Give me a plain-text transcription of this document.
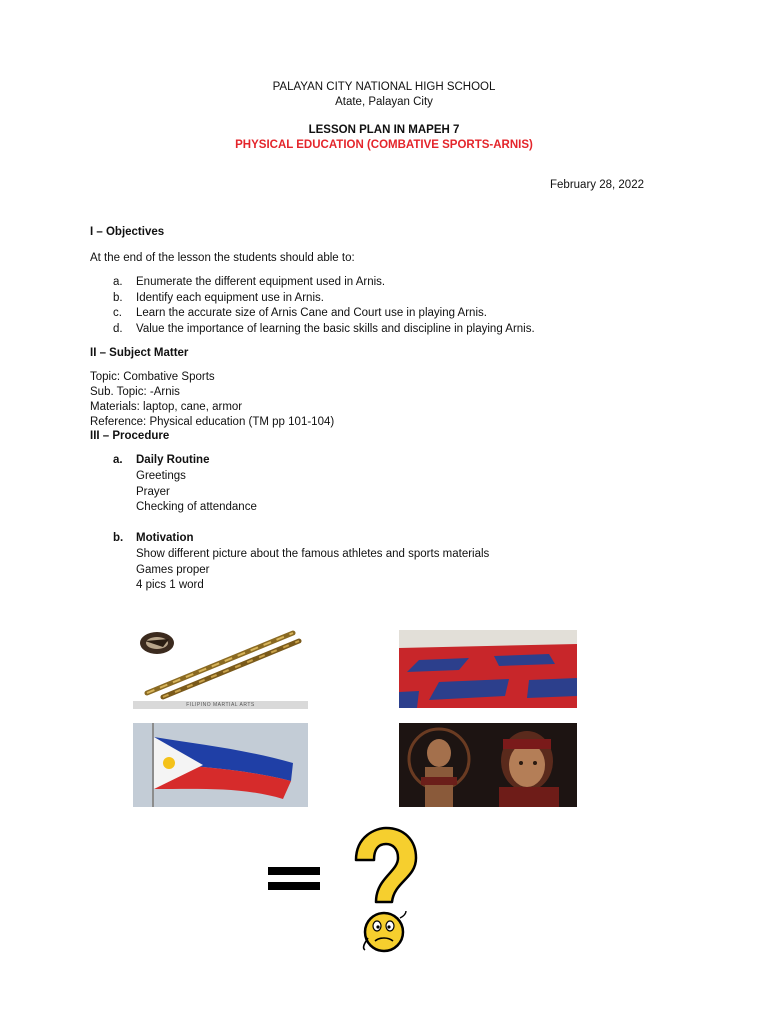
PALAYAN CITY NATIONAL HIGH SCHOOL
Atate, Palayan City
LESSON PLAN IN MAPEH 7
PHYSICAL EDUCATION (COMBATIVE SPORTS-ARNIS)
February 28, 2022
I – Objectives
At the end of the lesson the students should able to:
a. Enumerate the different equipment used in Arnis.
b. Identify each equipment use in Arnis.
c. Learn the accurate size of Arnis Cane and Court use in playing Arnis.
d. Value the importance of learning the basic skills and discipline in playing Arnis.
II – Subject Matter
Topic: Combative Sports
Sub. Topic: -Arnis
Materials: laptop, cane, armor
Reference: Physical education (TM pp 101-104)
III – Procedure
a. Daily Routine
Greetings
Prayer
Checking of attendance
b. Motivation
Show different picture about the famous athletes and sports materials
Games proper
4 pics 1 word
FILIPINO MARTIAL ARTS
